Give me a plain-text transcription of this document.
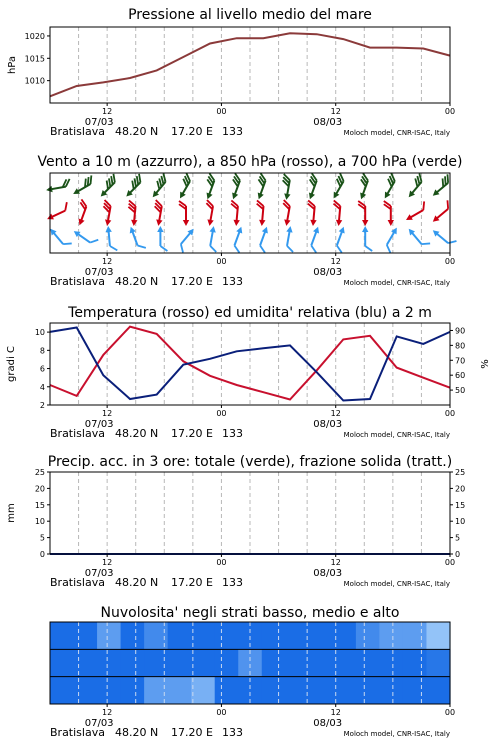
Pressione al livello medio del mare
1010
1015
1020
hPa
12	00	12	00
07/03	08/03
Bratislava 48.20 N 17.20 E 133	Moloch model, CNR-ISAC, Italy
Vento a 10 m (azzurro), a 850 hPa (rosso), a 700 hPa (verde)
12	00	12	00
07/03	08/03
Bratislava 48.20 N 17.20 E 133	Moloch model, CNR-ISAC, Italy
Temperatura (rosso) ed umidita' relativa (blu) a 2 m
2
4
6
8
10
50
60
70
80
90
gradi C	%
12	00	12	00
07/03	08/03
Bratislava 48.20 N 17.20 E 133	Moloch model, CNR-ISAC, Italy
Precip. acc. in 3 ore: totale (verde), frazione solida (tratt.)
0	0
5	5
10	10
15	15
20	20
25	25
mm
12	00	12	00
07/03	08/03
Bratislava 48.20 N 17.20 E 133	Moloch model, CNR-ISAC, Italy
Nuvolosita' negli strati basso, medio e alto
12	00	12	00
07/03	08/03
Bratislava 48.20 N 17.20 E 133	Moloch model, CNR-ISAC, Italy
